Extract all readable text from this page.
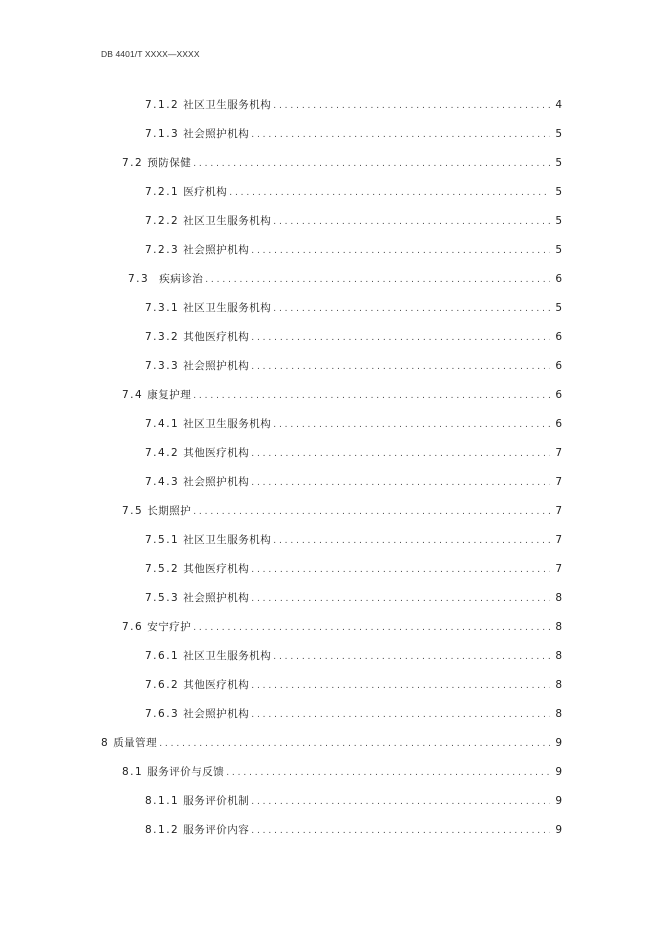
DB 4401/T XXXX—XXXX
7.1.2 社区卫生服务机构 . . .	4
7.1.3 社会照护机构 . . .	5
7.2 预防保健 . . .	5
7.2.1 医疗机构 . . .	5
7.2.2 社区卫生服务机构 . . .	5
7.2.3 社会照护机构 . . .	5
7.3 疾病诊治 . . .	6
7.3.1 社区卫生服务机构 . . .	5
7.3.2 其他医疗机构 . . .	6
7.3.3 社会照护机构 . . .	6
7.4 康复护理 . . .	6
7.4.1 社区卫生服务机构 . . .	6
7.4.2 其他医疗机构 . . .	7
7.4.3 社会照护机构 . . .	7
7.5 长期照护 . . .	7
7.5.1 社区卫生服务机构 . . .	7
7.5.2 其他医疗机构 . . .	7
7.5.3 社会照护机构 . . .	8
7.6 安宁疗护 . . .	8
7.6.1 社区卫生服务机构 . . .	8
7.6.2 其他医疗机构 . . .	8
7.6.3 社会照护机构 . . .	8
8 质量管理 . . .	9
8.1 服务评价与反馈 . . .	9
8.1.1 服务评价机制 . . .	9
8.1.2 服务评价内容 . . .	9
